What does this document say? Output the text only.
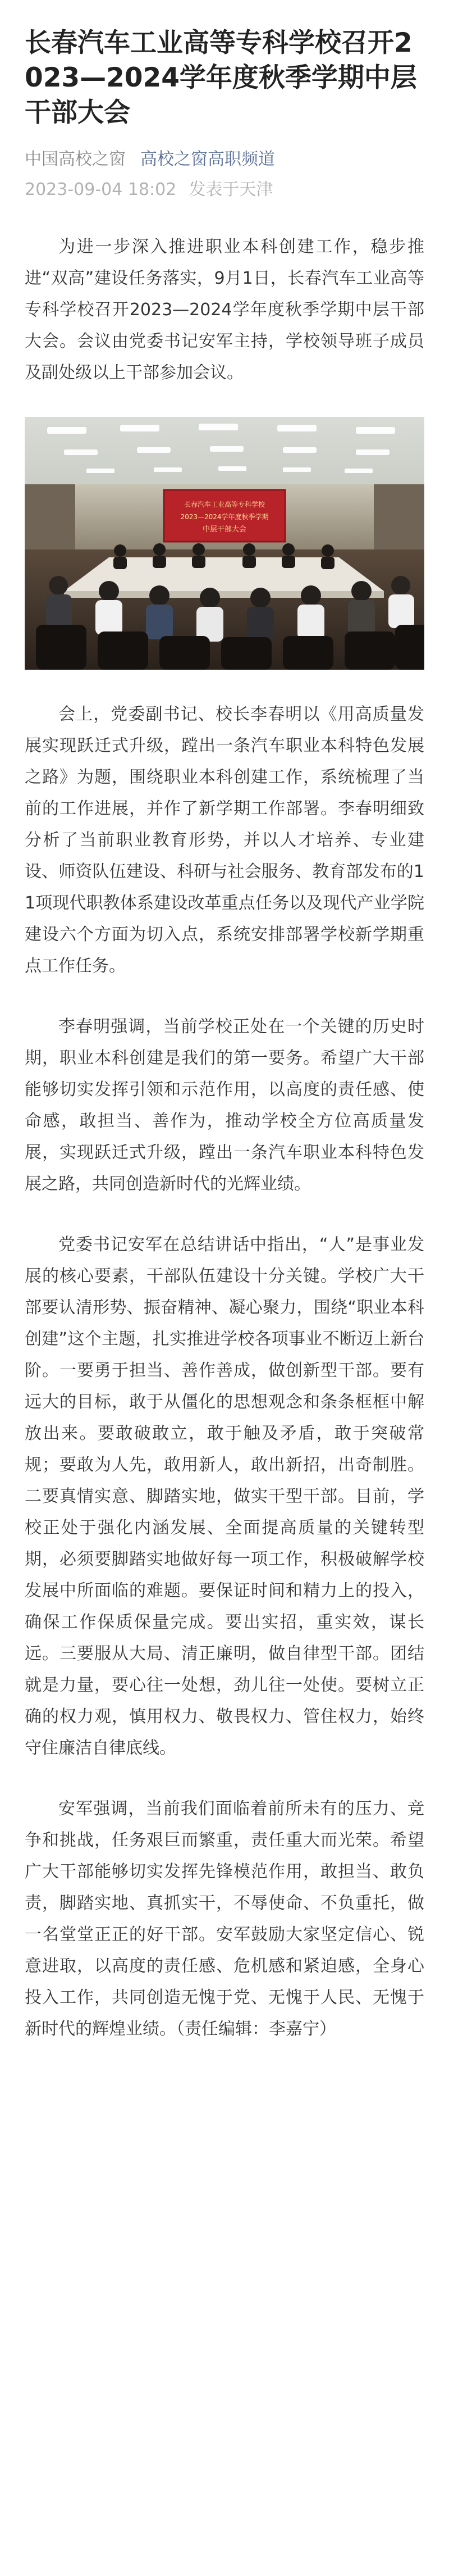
长春汽车工业高等专科学校召开2023—2024学年度秋季学期中层干部大会
中国高校之窗 高校之窗高职频道
2023-09-04 18:02 发表于天津

为进一步深入推进职业本科创建工作，稳步推进“双高”建设任务落实，9月1日，长春汽车工业高等专科学校召开2023—2024学年度秋季学期中层干部大会。会议由党委书记安军主持，学校领导班子成员及副处级以上干部参加会议。

长春汽车工业高等专科学校
2023—2024学年度秋季学期
中层干部大会

会上，党委副书记、校长李春明以《用高质量发展实现跃迁式升级，蹚出一条汽车职业本科特色发展之路》为题，围绕职业本科创建工作，系统梳理了当前的工作进展，并作了新学期工作部署。李春明细致分析了当前职业教育形势，并以人才培养、专业建设、师资队伍建设、科研与社会服务、教育部发布的11项现代职教体系建设改革重点任务以及现代产业学院建设六个方面为切入点，系统安排部署学校新学期重点工作任务。

李春明强调，当前学校正处在一个关键的历史时期，职业本科创建是我们的第一要务。希望广大干部能够切实发挥引领和示范作用，以高度的责任感、使命感，敢担当、善作为，推动学校全方位高质量发展，实现跃迁式升级，蹚出一条汽车职业本科特色发展之路，共同创造新时代的光辉业绩。

党委书记安军在总结讲话中指出，“人”是事业发展的核心要素，干部队伍建设十分关键。学校广大干部要认清形势、振奋精神、凝心聚力，围绕“职业本科创建”这个主题，扎实推进学校各项事业不断迈上新台阶。一要勇于担当、善作善成，做创新型干部。要有远大的目标，敢于从僵化的思想观念和条条框框中解放出来。要敢破敢立，敢于触及矛盾，敢于突破常规；要敢为人先，敢用新人，敢出新招，出奇制胜。二要真情实意、脚踏实地，做实干型干部。目前，学校正处于强化内涵发展、全面提高质量的关键转型期，必须要脚踏实地做好每一项工作，积极破解学校发展中所面临的难题。要保证时间和精力上的投入，确保工作保质保量完成。要出实招，重实效，谋长远。三要服从大局、清正廉明，做自律型干部。团结就是力量，要心往一处想，劲儿往一处使。要树立正确的权力观，慎用权力、敬畏权力、管住权力，始终守住廉洁自律底线。

安军强调，当前我们面临着前所未有的压力、竞争和挑战，任务艰巨而繁重，责任重大而光荣。希望广大干部能够切实发挥先锋模范作用，敢担当、敢负责，脚踏实地、真抓实干，不辱使命、不负重托，做一名堂堂正正的好干部。安军鼓励大家坚定信心、锐意进取，以高度的责任感、危机感和紧迫感，全身心投入工作，共同创造无愧于党、无愧于人民、无愧于新时代的辉煌业绩。（责任编辑：李嘉宁）
